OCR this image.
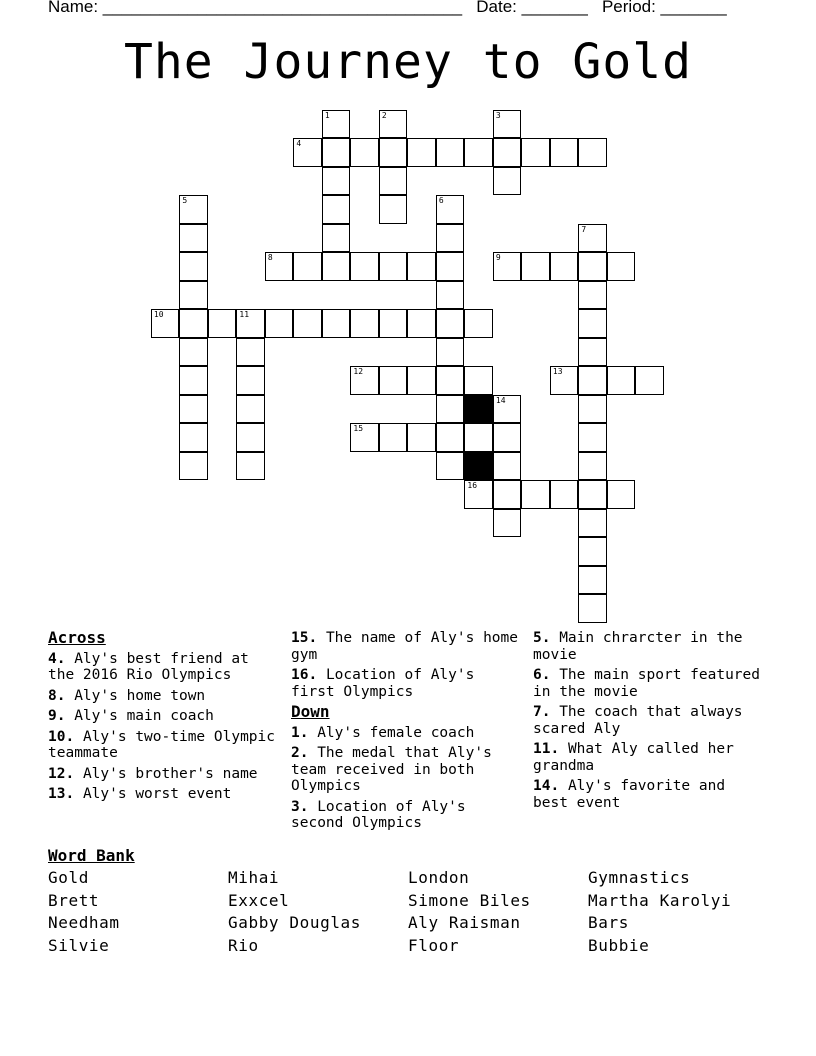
Name: ______________________________________ Date: _______ Period: _______
The Journey to Gold
4
8	9
10	11
12	13
15
16
1	2	3
5	6
7
14
Across
4. Aly's best friend at the 2016 Rio Olympics
8. Aly's home town
9. Aly's main coach
10. Aly's two-time Olympic teammate
12. Aly's brother's name
13. Aly's worst event
15. The name of Aly's home gym
16. Location of Aly's first Olympics
Down
1. Aly's female coach
2. The medal that Aly's team received in both Olympics
3. Location of Aly's second Olympics
5. Main chrarcter in the movie
6. The main sport featured in the movie
7. The coach that always scared Aly
11. What Aly called her grandma
14. Aly's favorite and best event
Word Bank
Gold	Mihai	London	Gymnastics
Brett	Exxcel	Simone Biles	Martha Karolyi
Needham	Gabby Douglas	Aly Raisman	Bars
Silvie	Rio	Floor	Bubbie
